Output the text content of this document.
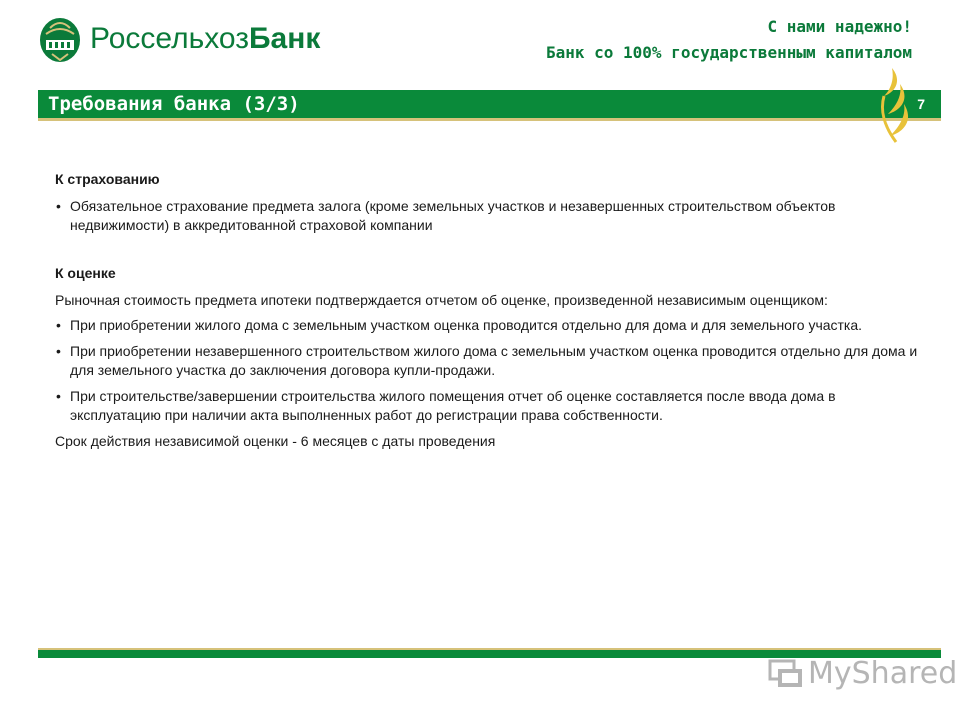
РоссельхозБанк	С нами надежно!
Банк со 100% государственным капиталом
Требования банка (3/3)	7
К страхованию
• Обязательное страхование предмета залога (кроме земельных участков и незавершенных строительством объектов недвижимости) в аккредитованной страховой компании
К оценке
Рыночная стоимость предмета ипотеки подтверждается отчетом об оценке, произведенной независимым оценщиком:
• При приобретении жилого дома с земельным участком оценка проводится отдельно для дома и для земельного участка.
• При приобретении незавершенного строительством жилого дома с земельным участком оценка проводится отдельно для дома и для земельного участка до заключения договора купли-продажи.
• При строительстве/завершении строительства жилого помещения отчет об оценке составляется после ввода дома в эксплуатацию при наличии акта выполненных работ до регистрации права собственности.
Срок действия независимой оценки - 6 месяцев с даты проведения
MyShared
